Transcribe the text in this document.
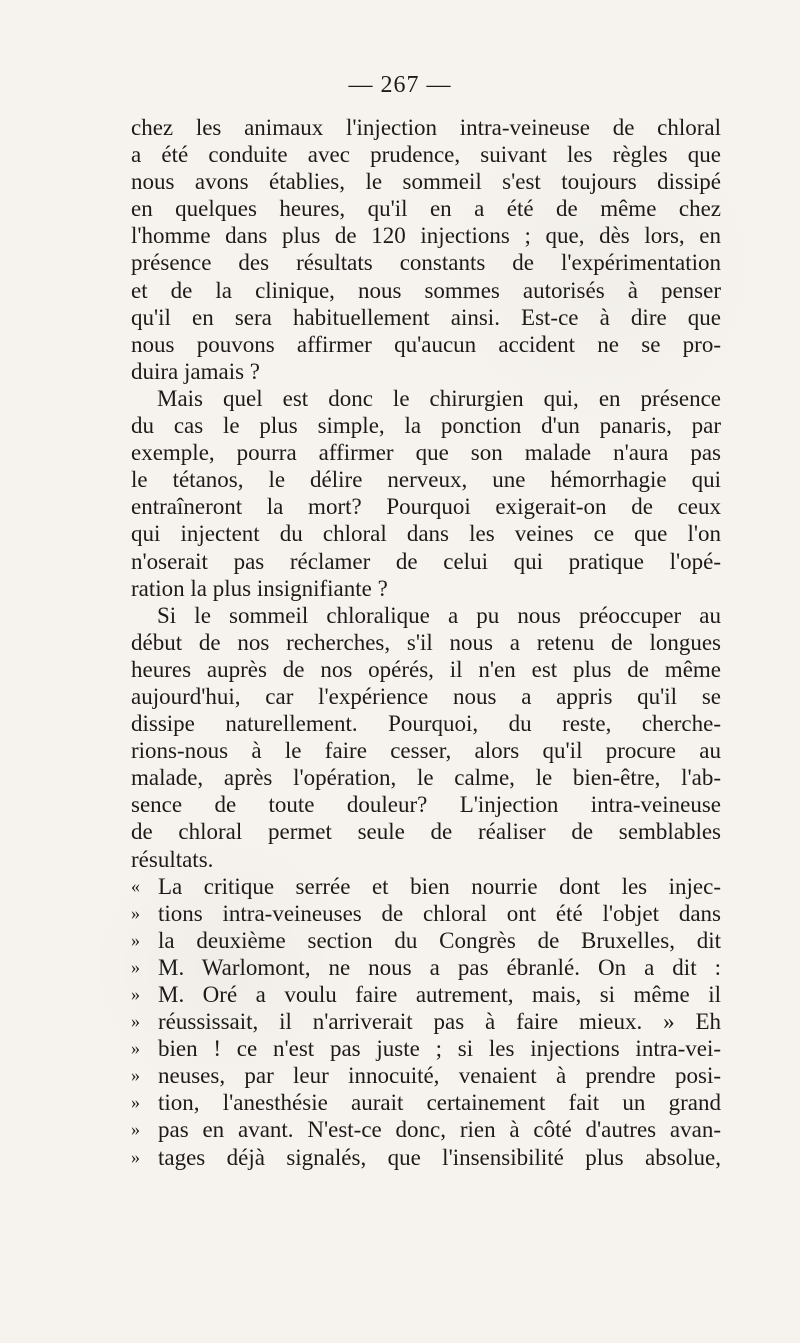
— 267 —
chez les animaux l'injection intra-veineuse de chloral
a été conduite avec prudence, suivant les règles que
nous avons établies, le sommeil s'est toujours dissipé
en quelques heures, qu'il en a été de même chez
l'homme dans plus de 120 injections ; que, dès lors, en
présence des résultats constants de l'expérimentation
et de la clinique, nous sommes autorisés à penser
qu'il en sera habituellement ainsi. Est-ce à dire que
nous pouvons affirmer qu'aucun accident ne se pro-
duira jamais ?
Mais quel est donc le chirurgien qui, en présence
du cas le plus simple, la ponction d'un panaris, par
exemple, pourra affirmer que son malade n'aura pas
le tétanos, le délire nerveux, une hémorrhagie qui
entraîneront la mort? Pourquoi exigerait-on de ceux
qui injectent du chloral dans les veines ce que l'on
n'oserait pas réclamer de celui qui pratique l'opé-
ration la plus insignifiante ?
Si le sommeil chloralique a pu nous préoccuper au
début de nos recherches, s'il nous a retenu de longues
heures auprès de nos opérés, il n'en est plus de même
aujourd'hui, car l'expérience nous a appris qu'il se
dissipe naturellement. Pourquoi, du reste, cherche-
rions-nous à le faire cesser, alors qu'il procure au
malade, après l'opération, le calme, le bien-être, l'ab-
sence de toute douleur? L'injection intra-veineuse
de chloral permet seule de réaliser de semblables
résultats.
« La critique serrée et bien nourrie dont les injec-
» tions intra-veineuses de chloral ont été l'objet dans
» la deuxième section du Congrès de Bruxelles, dit
» M. Warlomont, ne nous a pas ébranlé. On a dit :
» M. Oré a voulu faire autrement, mais, si même il
» réussissait, il n'arriverait pas à faire mieux. » Eh
» bien ! ce n'est pas juste ; si les injections intra-vei-
» neuses, par leur innocuité, venaient à prendre posi-
» tion, l'anesthésie aurait certainement fait un grand
» pas en avant. N'est-ce donc, rien à côté d'autres avan-
» tages déjà signalés, que l'insensibilité plus absolue,
